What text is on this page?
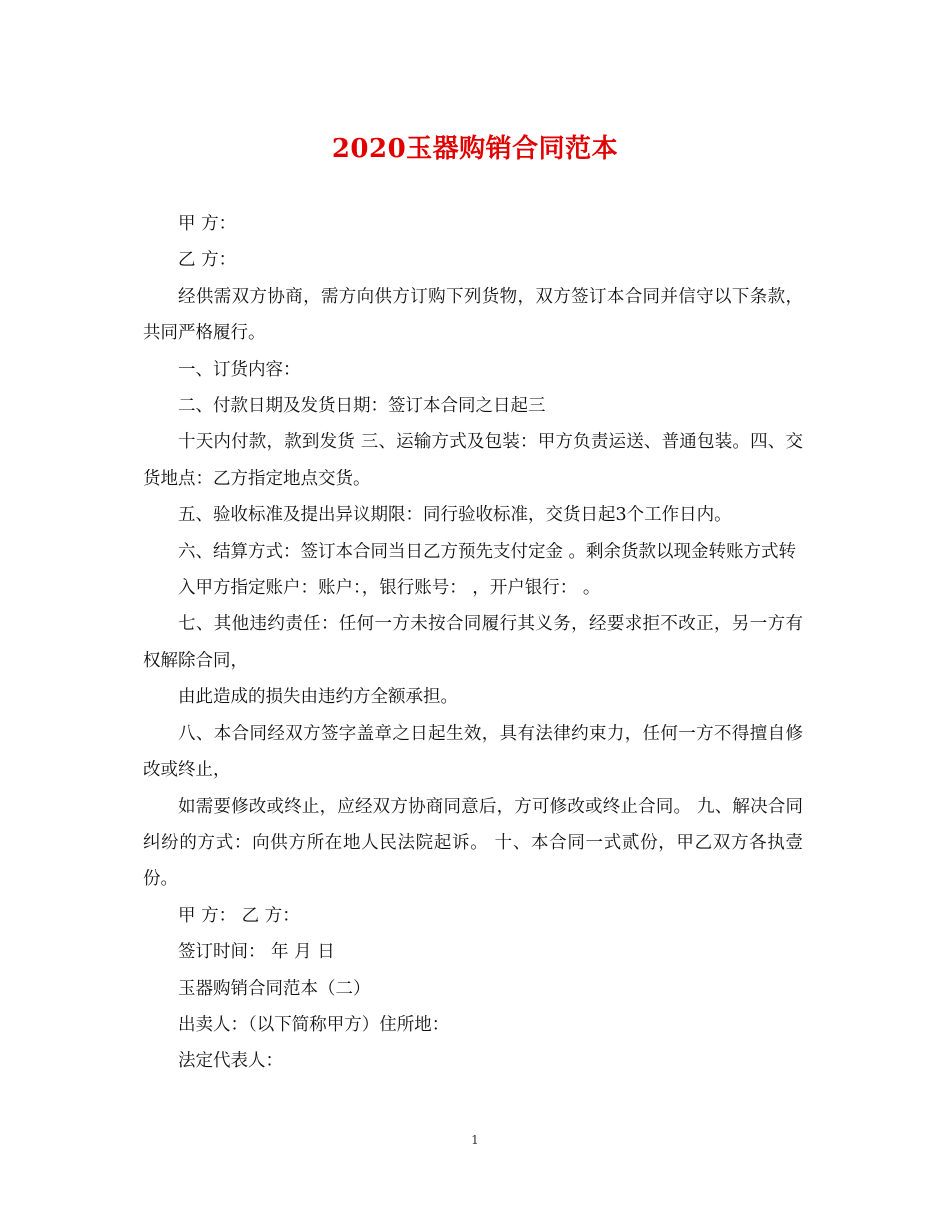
2020玉器购销合同范本

甲 方：

乙 方：

经供需双方协商，需方向供方订购下列货物，双方签订本合同并信守以下条款，共同严格履行。

一、订货内容：

二、付款日期及发货日期：签订本合同之日起三

十天内付款，款到发货 三、运输方式及包装：甲方负责运送、普通包装。四、交货地点：乙方指定地点交货。

五、验收标准及提出异议期限：同行验收标准，交货日起3个工作日内。

六、结算方式：签订本合同当日乙方预先支付定金 。剩余货款以现金转账方式转

入甲方指定账户：账户：，银行账号： ，开户银行： 。

七、其他违约责任：任何一方未按合同履行其义务，经要求拒不改正，另一方有权解除合同，

由此造成的损失由违约方全额承担。

八、本合同经双方签字盖章之日起生效，具有法律约束力，任何一方不得擅自修改或终止，

如需要修改或终止，应经双方协商同意后，方可修改或终止合同。 九、解决合同纠纷的方式：向供方所在地人民法院起诉。 十、本合同一式贰份，甲乙双方各执壹份。

甲 方： 乙 方：

签订时间： 年 月 日

玉器购销合同范本（二）

出卖人：（以下简称甲方）住所地：

法定代表人：

1
